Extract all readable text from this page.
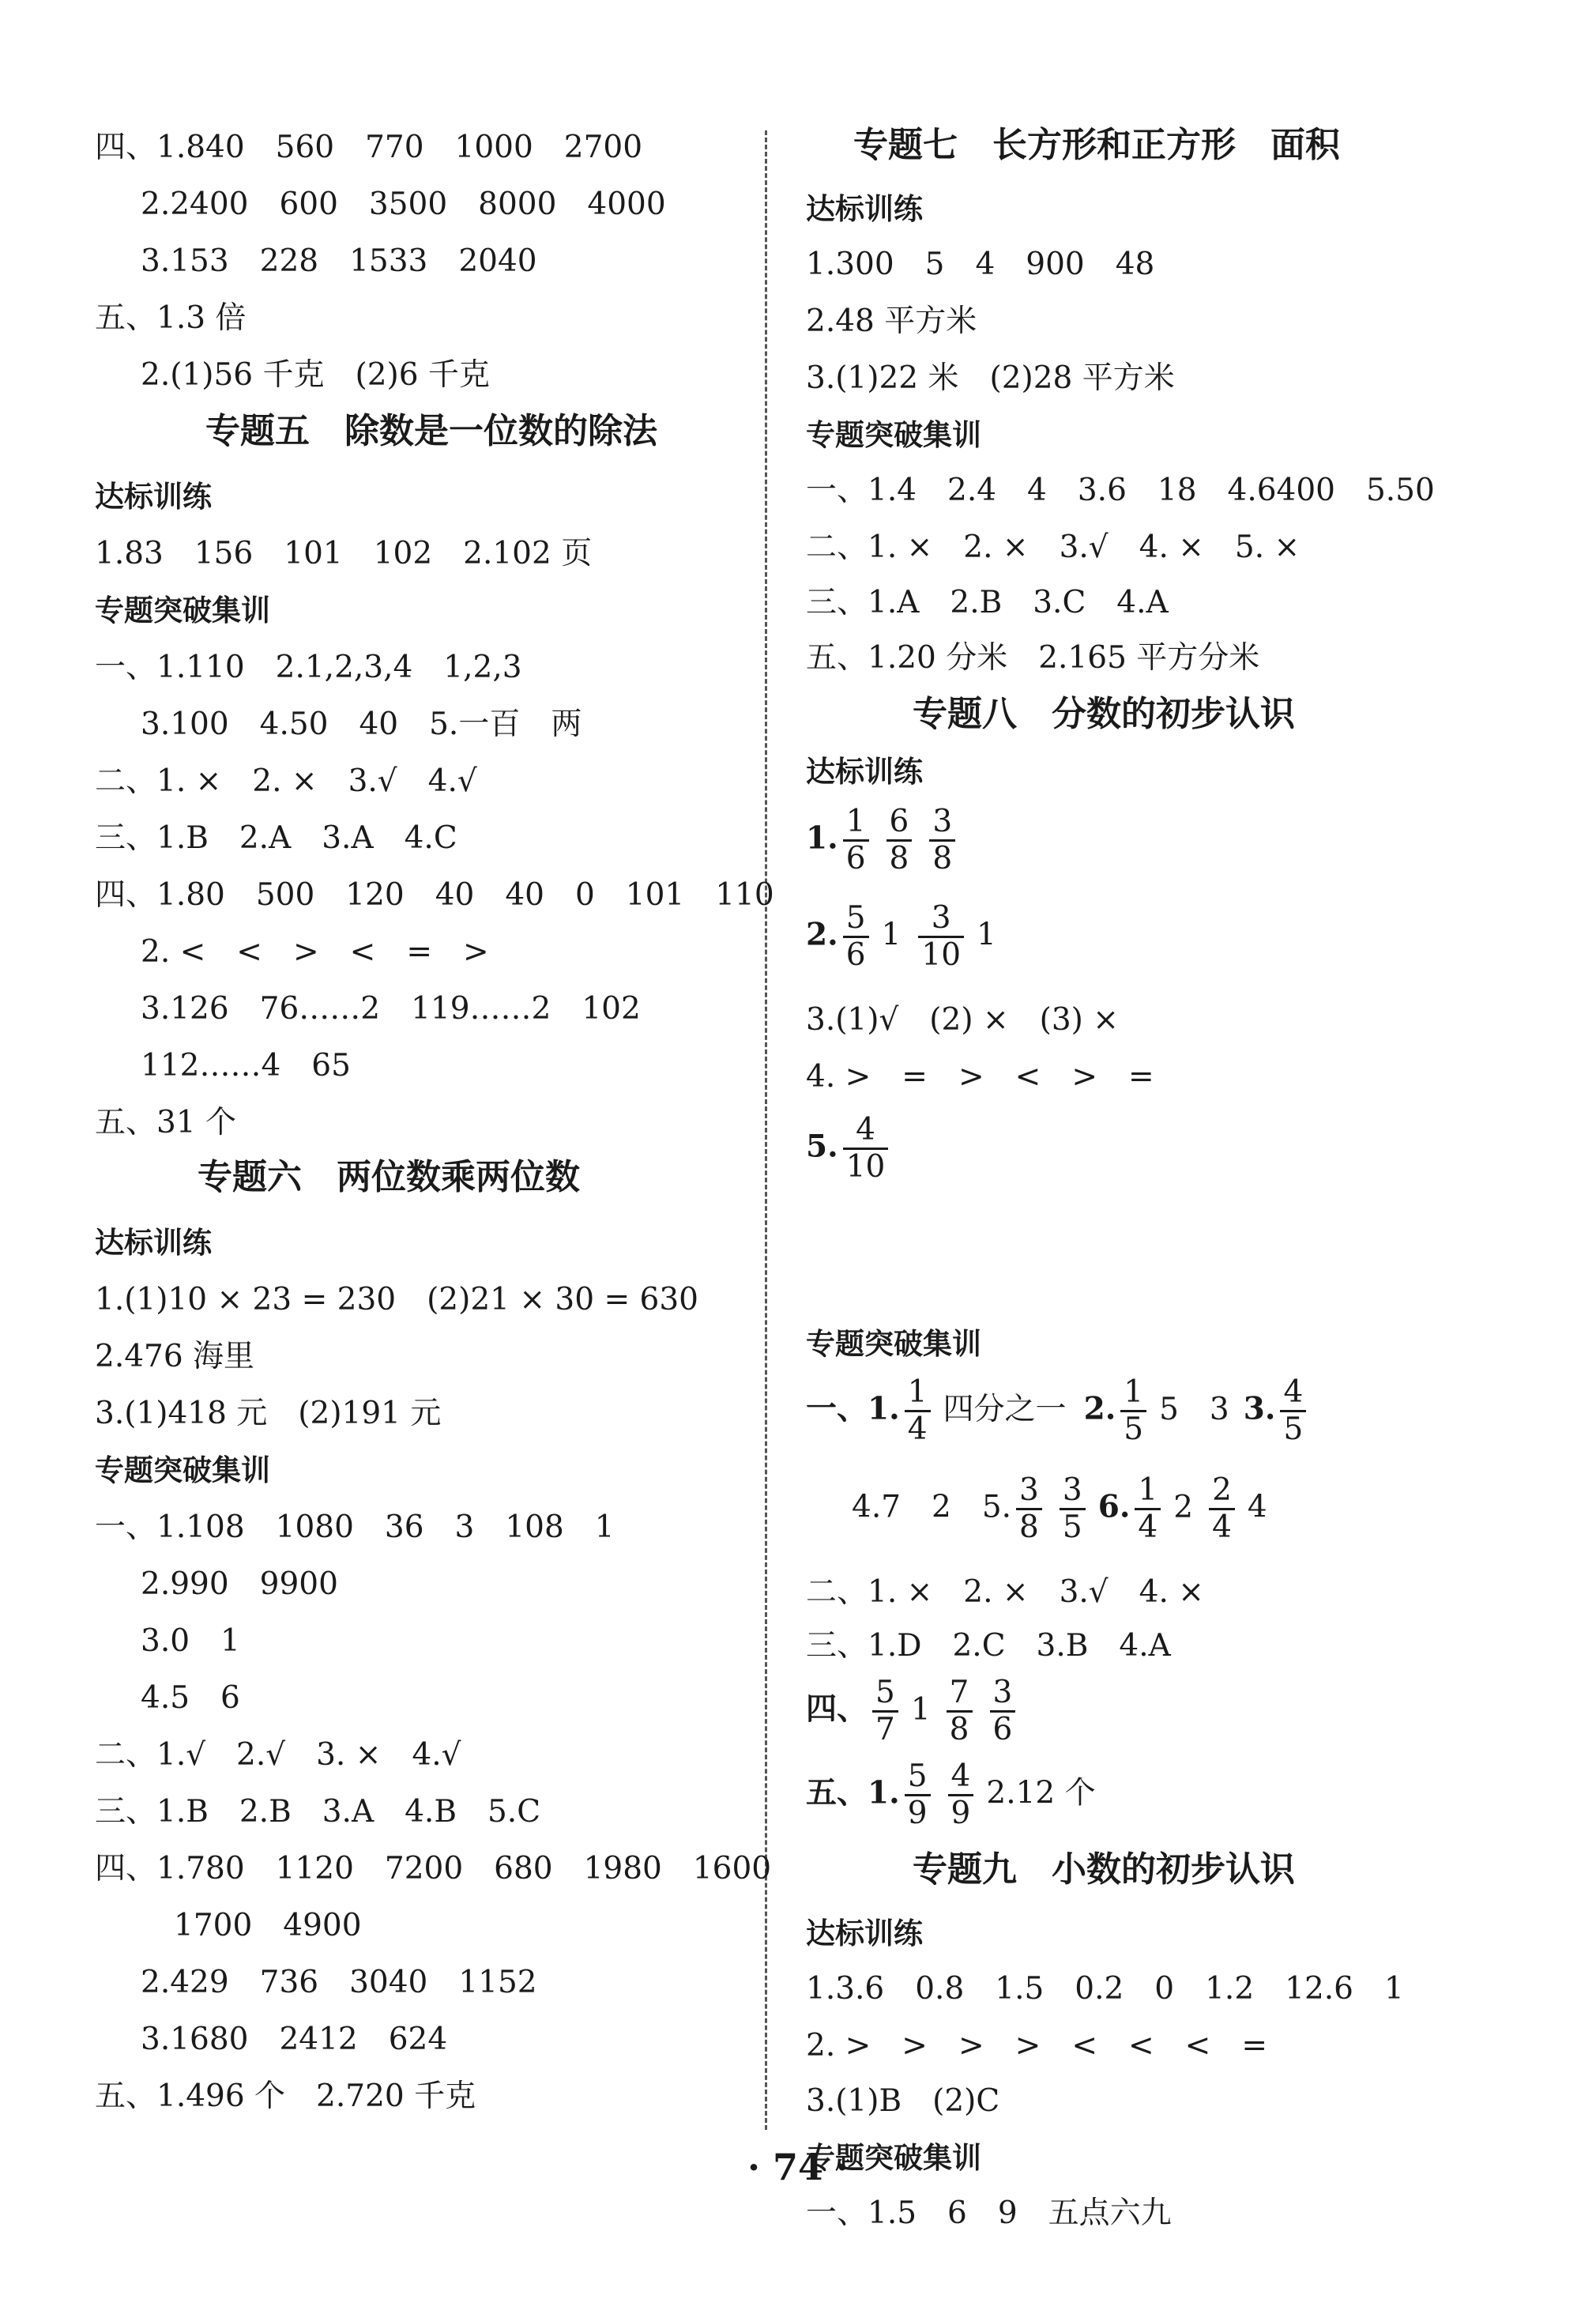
四、1.840　560　770　1000　2700
2.2400　600　3500　8000　4000
3.153　228　1533　2040
五、1.3 倍
2.(1)56 千克　(2)6 千克
专题五　除数是一位数的除法
达标训练
1.83　156　101　102　2.102 页
专题突破集训
一、1.110　2.1,2,3,4　1,2,3
3.100　4.50　40　5.一百　两
二、1. ×　2. ×　3.√　4.√
三、1.B　2.A　3.A　4.C
四、1.80　500　120　40　40　0　101　110
2. <　<　>　<　=　>
3.126　76……2　119……2　102
112……4　65
五、31 个
专题六　两位数乘两位数
达标训练
1.(1)10 × 23 = 230　(2)21 × 30 = 630
2.476 海里
3.(1)418 元　(2)191 元
专题突破集训
一、1.108　1080　36　3　108　1
2.990　9900
3.0　1
4.5　6
二、1.√　2.√　3. ×　4.√
三、1.B　2.B　3.A　4.B　5.C
四、1.780　1120　7200　680　1980　1600
1700　4900
2.429　736　3040　1152
3.1680　2412　624
五、1.496 个　2.720 千克
专题七　长方形和正方形　面积
达标训练
1.300　5　4　900　48
2.48 平方米
3.(1)22 米　(2)28 平方米
专题突破集训
一、1.4　2.4　4　3.6　18　4.6400　5.50
二、1. ×　2. ×　3.√　4. ×　5. ×
三、1.A　2.B　3.C　4.A
五、1.20 分米　2.165 平方分米
专题八　分数的初步认识
达标训练
1. $\frac{1}{6} \frac{6}{8} \frac{3}{8}$
2. $\frac{5}{6} 1 \frac{3}{10} 1$
3.(1)√　(2) ×　(3) ×
4. >　=　>　<　>　=
5. $\frac{4}{10}$
专题突破集训
一、1. $\frac{1}{4}$ 四分之一 2. $\frac{1}{5} 5$　3 3. $\frac{4}{5}$
4.7　2　5. $\frac{3}{8} \frac{3}{5} 6$. $\frac{1}{4} 2 \frac{2}{4} 4$
二、1. ×　2. ×　3.√　4. ×
三、1.D　2.C　3.B　4.A
四、 $\frac{5}{7} 1 \frac{7}{8} \frac{3}{6}$
五、1. $\frac{5}{9} \frac{4}{9} 2.12$ 个
专题九　小数的初步认识
达标训练
1.3.6　0.8　1.5　0.2　0　1.2　12.6　1
2. >　>　>　>　<　<　<　=
3.(1)B　(2)C
专题突破集训
一、1.5　6　9　五点六九
· 74 ·
